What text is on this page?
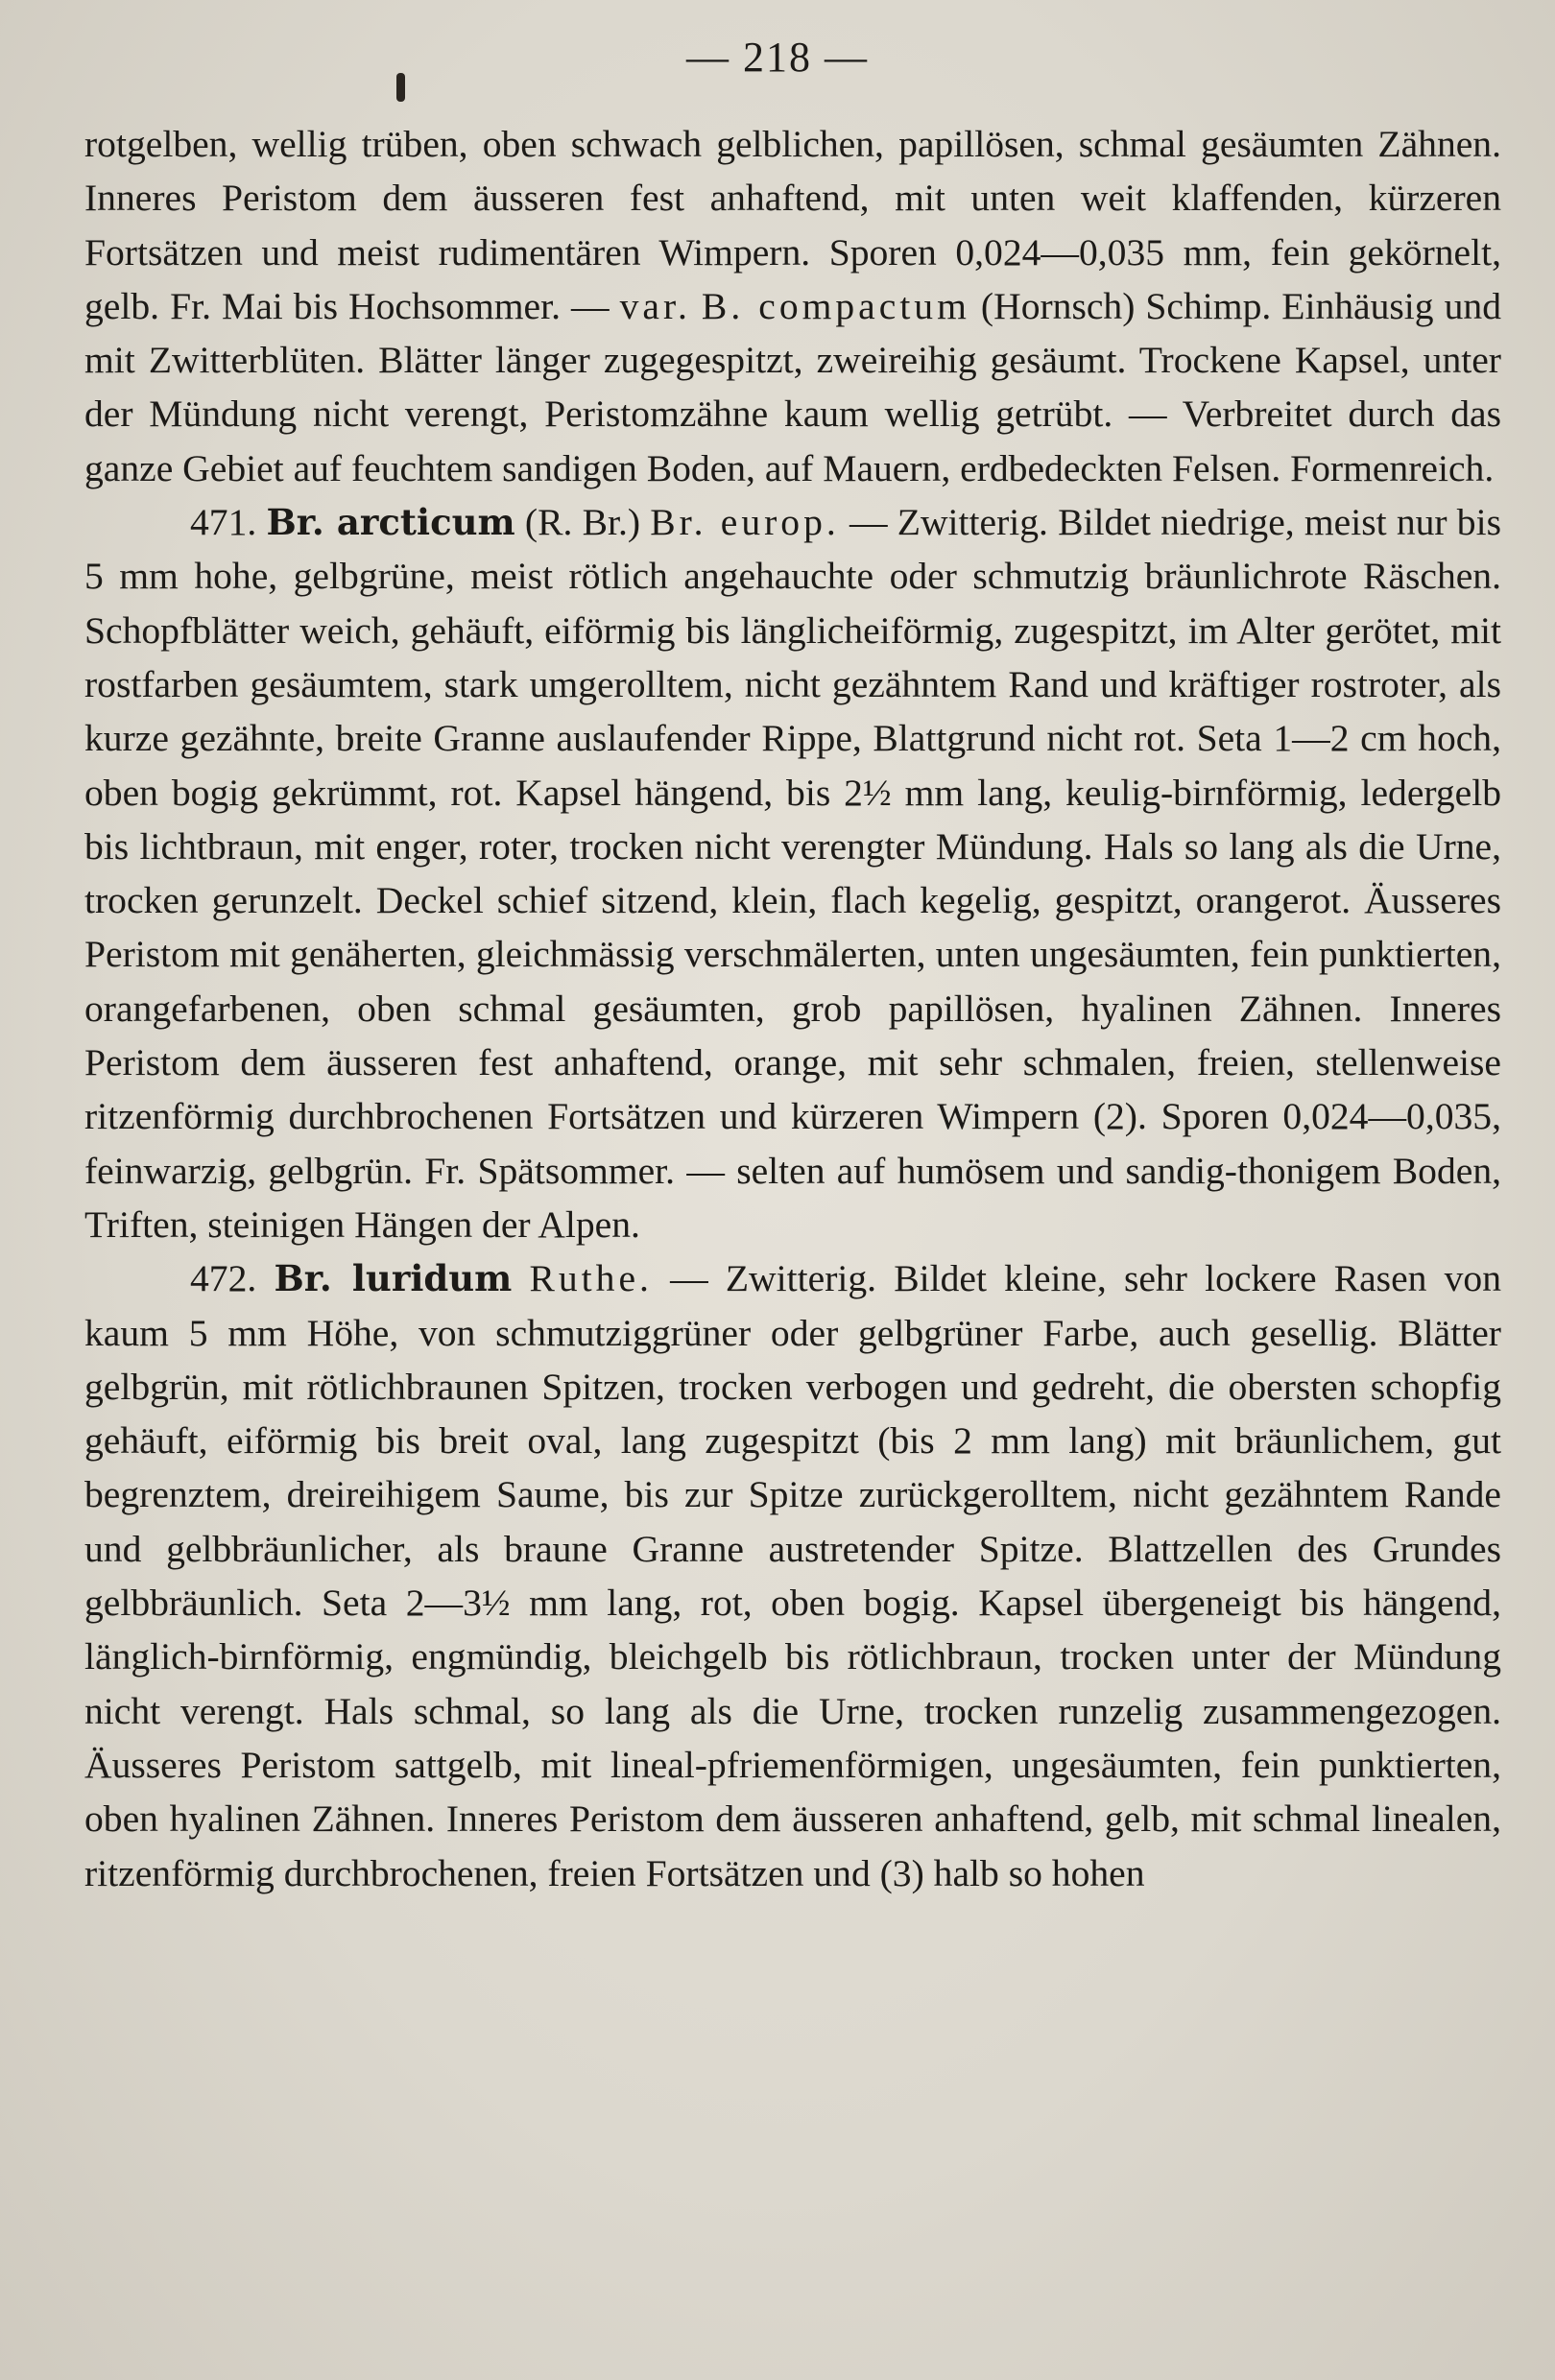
— 218 —

rotgelben, wellig trüben, oben schwach gelblichen, papillösen, schmal gesäumten Zähnen. Inneres Peristom dem äusseren fest anhaftend, mit unten weit klaffenden, kürzeren Fortsätzen und meist rudimentären Wimpern. Sporen 0,024—0,035 mm, fein gekörnelt, gelb. Fr. Mai bis Hochsommer. — var. B. compactum (Hornsch) Schimp. Einhäusig und mit Zwitterblüten. Blätter länger zugegespitzt, zweireihig gesäumt. Trockene Kapsel, unter der Mündung nicht verengt, Peristomzähne kaum wellig getrübt. — Verbreitet durch das ganze Gebiet auf feuchtem sandigen Boden, auf Mauern, erdbedeckten Felsen. Formenreich.

471. Br. arcticum (R. Br.) Br. europ. — Zwitterig. Bildet niedrige, meist nur bis 5 mm hohe, gelbgrüne, meist rötlich angehauchte oder schmutzig bräunlichrote Räschen. Schopfblätter weich, gehäuft, eiförmig bis länglicheiförmig, zugespitzt, im Alter gerötet, mit rostfarben gesäumtem, stark umgerolltem, nicht gezähntem Rand und kräftiger rostroter, als kurze gezähnte, breite Granne auslaufender Rippe, Blattgrund nicht rot. Seta 1—2 cm hoch, oben bogig gekrümmt, rot. Kapsel hängend, bis 2½ mm lang, keulig-birnförmig, ledergelb bis lichtbraun, mit enger, roter, trocken nicht verengter Mündung. Hals so lang als die Urne, trocken gerunzelt. Deckel schief sitzend, klein, flach kegelig, gespitzt, orangerot. Äusseres Peristom mit genäherten, gleichmässig verschmälerten, unten ungesäumten, fein punktierten, orangefarbenen, oben schmal gesäumten, grob papillösen, hyalinen Zähnen. Inneres Peristom dem äusseren fest anhaftend, orange, mit sehr schmalen, freien, stellenweise ritzenförmig durchbrochenen Fortsätzen und kürzeren Wimpern (2). Sporen 0,024—0,035, feinwarzig, gelbgrün. Fr. Spätsommer. — selten auf humösem und sandig-thonigem Boden, Triften, steinigen Hängen der Alpen.

472. Br. luridum Ruthe. — Zwitterig. Bildet kleine, sehr lockere Rasen von kaum 5 mm Höhe, von schmutziggrüner oder gelbgrüner Farbe, auch gesellig. Blätter gelbgrün, mit rötlichbraunen Spitzen, trocken verbogen und gedreht, die obersten schopfig gehäuft, eiförmig bis breit oval, lang zugespitzt (bis 2 mm lang) mit bräunlichem, gut begrenztem, dreireihigem Saume, bis zur Spitze zurückgerolltem, nicht gezähntem Rande und gelbbräunlicher, als braune Granne austretender Spitze. Blattzellen des Grundes gelbbräunlich. Seta 2—3½ mm lang, rot, oben bogig. Kapsel übergeneigt bis hängend, länglich-birnförmig, engmündig, bleichgelb bis rötlichbraun, trocken unter der Mündung nicht verengt. Hals schmal, so lang als die Urne, trocken runzelig zusammengezogen. Äusseres Peristom sattgelb, mit lineal-pfriemenförmigen, ungesäumten, fein punktierten, oben hyalinen Zähnen. Inneres Peristom dem äusseren anhaftend, gelb, mit schmal linealen, ritzenförmig durchbrochenen, freien Fortsätzen und (3) halb so hohen
